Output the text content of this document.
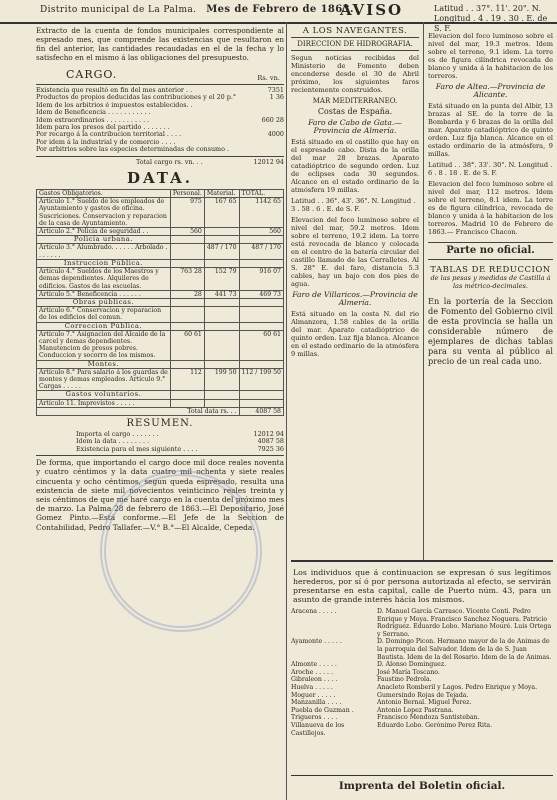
Distrito municipal de La Palma. Mes de Febrero de 1863.
AVISO	Latitud . . 37°. 11'. 20". N.
Longitud . 4 . 19 . 30 . E. de S. F.

Extracto de la cuenta de fondos municipales correspondiente al espresado mes, que comprende las existencias que resultaron en fin del anterior, las cantidades recaudadas en el de la fecha y lo satisfecho en el mismo á las obligaciones del presupuesto.

CARGO.	Rs. vn.
Existencia que resultó en fin del mes anterior . .	7351
Productos de propios deducidas las contribuciones y el 20 p.°	1 36
Idem de los arbitrios é impuestos establecidos. .
Idem de Beneficencia . . . . . . . . . . .
Idem extraordinarios . . . . . . . . . . .	660 28
Idem para los presos del partido . . . . . . .
Por recargo á la contribucion territorial . . . .	4000
Por idem á la industrial y de comercio . . . .
Por arbitrios sobre las especies determinadas de consumo .
Total cargo rs. vn. . .	12012 94
DATA.
Gastos Obligatorios.	Personal.	Material.	TOTAL.
Artículo 1.° Sueldo de los empleados de Ayuntamiento y gastos de oficina. Suscriciones. Conservacion y reparacion de la casa de Ayuntamiento.	975	167 65	1142 65
Artículo 2.° Policía de seguridad . .	560		560
Policía urbana.			
Artículo 3.° Alumbrado. . . . . . Arbolado . . . . . . .		487 / 170	487 / 170
Instruccion Pública.			
Artículo 4.° Sueldos de los Maestros y demas dependientes. Alquileres de edificios. Gastos de las escuelas.	763 28	152 79	916 07
Artículo 5.° Beneficencia . . . . . .	28	441 73	469 73
Obras públicas.			
Artículo 6.° Conservacion y reparacion de los edificios del comun.			
Correccion Pública.			
Artículo 7.° Asignacion del Alcaide de la carcel y demas dependientes. Manutencion de presos pobres. Conduccion y socorro de los mismos.	60 61		60 61
Montes.			
Artículo 8.° Para salario á los guardas de montes y demas empleados. Artículo 9.° Cargas . . . . .	112	199 50	112 / 199 50
Gastos voluntarios.			
Artículo 11. Imprevistos . . . . .			
Total data rs. . .			4087 58
RESUMEN.
Importa el cargo . . . . . . .	12012 94
Idem la data . . . . . . . .	4087 58
Existencia para el mes siguiente . . . .	7925 36

De forma, que importando el cargo doce mil doce reales noventa y cuatro céntimos y la data cuatro mil ochenta y siete reales cincuenta y ocho céntimos, segun queda espresado, resulta una existencia de siete mil novecientos veinticinco reales treinta y seis céntimos de que me haré cargo en la cuenta del próximo mes de marzo. La Palma 28 de febrero de 1863.—El Depositario, José Gomez Pinto.—Está conforme.—El Jefe de la Seccion de Contabilidad, Pedro Tallafer.—V.° B.°—El Alcalde, Cepeda.

A LOS NAVEGANTES.
DIRECCION DE HIDROGRAFIA.

Segun noticias recibidas del Ministerio de Fomento deben encenderse desde el 30 de Abril próximo, los siguientes faros recientemente construidos.

MAR MEDITERRANEO.
Costas de España.
Faro de Cabo de Gata.—Provincia de Almería.

Está situado en el castillo que hay en el espresado cabo. Dista de la orilla del mar 28 brazas. Aparato catadióptrico de segundo orden. Luz de eclipses cada 30 segundos. Alcance en el estado ordinario de la atmósfera 19 millas.

Latitud . . 36°. 43'. 36". N. Longitud . 3 . 58 . 6 . E. de S. F.

Elevacion del foco luminoso sobre el nivel del mar, 59.2 metros. Idem sobre el terreno, 19.2 idem. La torre está revocada de blanco y colocada en el centro de la batería circular del castillo llamado de las Cerralletes. Al S. 28° E. del faro, distancia 5.3 cables, hay un bajo con dos pies de agua.

Faro de Villaricos.—Provincia de Almería.

Está situado en la costa N. del rio Almanzora, 1.58 cables de la orilla del mar. Aparato catadióptrico de quinto orden. Luz fija blanca. Alcance en el estado ordinario de la atmósfera 9 millas.

Elevacion del foco luminoso sobre el nivel del mar, 19.3 metros. Idem sobre el terreno, 9.1 idem. La torre es de figura cilíndrica revocada de blanco y unida á la habitacion de los torreros.

Faro de Altea.—Provincia de Alicante.

Está situado en la punta del Albir, 13 brazas al SE. de la torre de la Bombarda y 6 brazas de la orilla del mar. Aparato catadióptrico de quinto orden. Luz fija blanca. Alcance en el estado ordinario de la atmósfera, 9 millas.

Latitud . . 38°. 33'. 30". N. Longitud . 6 . 8 . 18 . E. de S. F.

Elevacion del foco luminoso sobre el nivel del mar, 112 metros. Idem sobre el terreno, 8.1 idem. La torre es de figura cilíndrica, revocada de blanco y unida á la habitacion de los torreros. Madrid 10 de Febrero de 1863.— Francisco Chacon.

Parte no oficial.
TABLAS DE REDUCCION
de las pesas y medidas de Castilla á las métrico-decimales.

En la portería de la Seccion de Fomento del Gobierno civil de esta provincia se halla un considerable número de ejemplares de dichas tablas para su venta al público al precio de un real cada uno.

Los individuos que á continuacion se expresan ó sus legítimos herederos, por sí ó por persona autorizada al efecto, se servirán presentarse en esta capital, calle de Puerto núm. 43, para un asunto de grande interés hácia los mismos.

Aracena . . . . .	D. Manuel García Carrasco. Vicente Conti. Pedro Enrique y Moya. Francisco Sanchez Noguera. Patricio Rodriguez. Eduardo Lobo. Mariano Mouré. Luis Ortega y Serrano.
Ayamonte . . . . .	D. Domingo Picon. Hermano mayor de la de Animas de la parroquia del Salvador. Idem de la de S. Juan Bautista. Idem de la del Rosario. Idem de la de Animas.
Almonte . . . . .	D. Alonso Dominguez.
Aroche . . . . .	José María Toscano.
Gibraleon . . . .	Faustino Pedrola.
Huelva . . . . .	Anacleto Romberil y Lagos. Pedro Enrique y Moya.
Moguer . . . . .	Gumersindo Rojas de Tejada.
Manzanilla . . . .	Antonio Bernal. Miguel Perez.
Puebla de Guzman .	Antonio Lopez Pastrana.
Trigueros . . . .	Francisco Mendoza Santisteban.
Villanueva de los Castillejos.
Eduardo Lobo. Gerónimo Perez Rita.
Imprenta del Boletin oficial.
